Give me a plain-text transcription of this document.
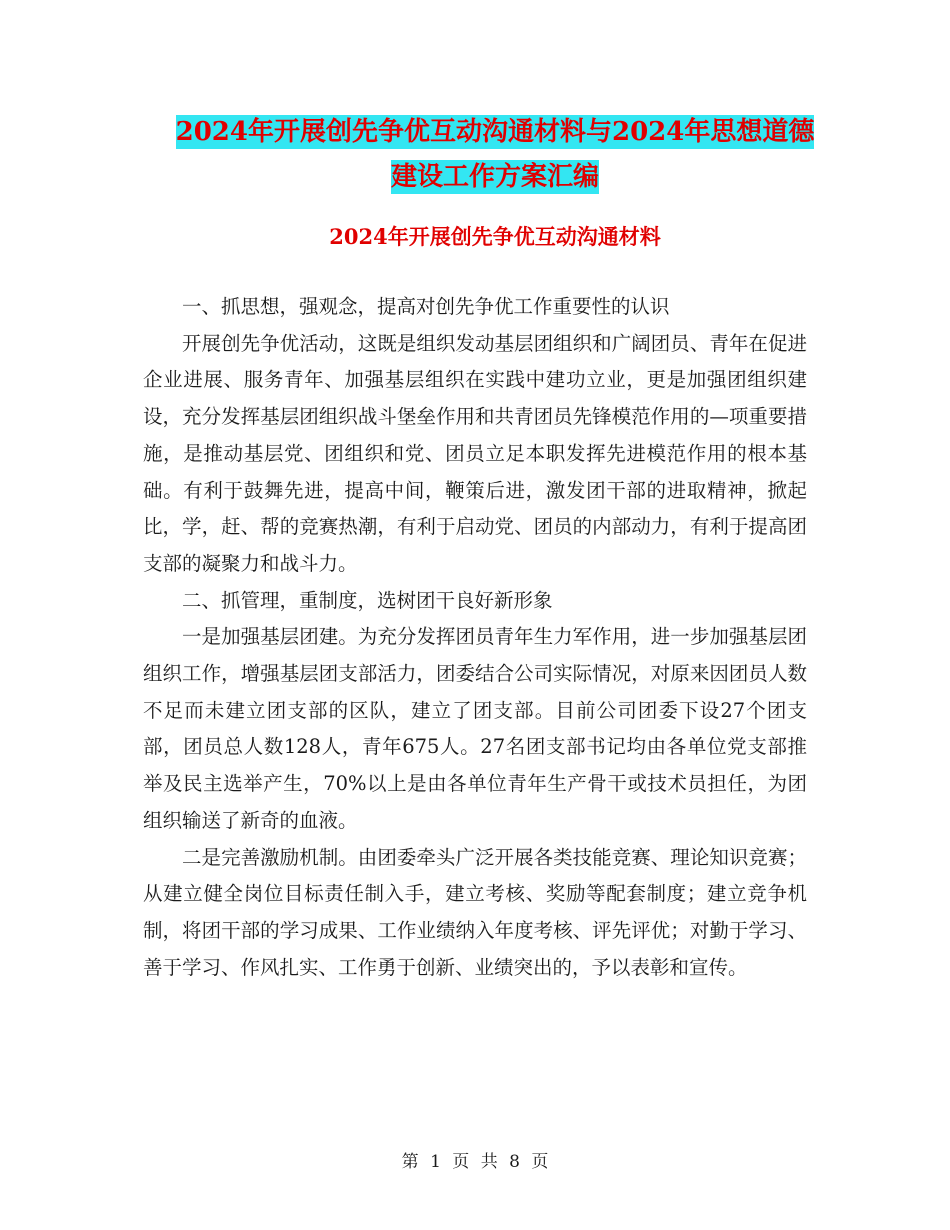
2024年开展创先争优互动沟通材料与2024年思想道德
建设工作方案汇编
2024年开展创先争优互动沟通材料

一、抓思想，强观念，提高对创先争优工作重要性的认识

开展创先争优活动，这既是组织发动基层团组织和广阔团员、青年在促进企业进展、服务青年、加强基层组织在实践中建功立业，更是加强团组织建设，充分发挥基层团组织战斗堡垒作用和共青团员先锋模范作用的—项重要措施，是推动基层党、团组织和党、团员立足本职发挥先进模范作用的根本基础。有利于鼓舞先进，提高中间，鞭策后进，激发团干部的进取精神，掀起比，学，赶、帮的竞赛热潮，有利于启动党、团员的内部动力，有利于提高团支部的凝聚力和战斗力。

二、抓管理，重制度，选树团干良好新形象

一是加强基层团建。为充分发挥团员青年生力军作用，进一步加强基层团组织工作，增强基层团支部活力，团委结合公司实际情况，对原来因团员人数不足而未建立团支部的区队，建立了团支部。目前公司团委下设27个团支部，团员总人数128人，青年675人。27名团支部书记均由各单位党支部推举及民主选举产生，70%以上是由各单位青年生产骨干或技术员担任，为团组织输送了新奇的血液。

二是完善激励机制。由团委牵头广泛开展各类技能竞赛、理论知识竞赛；从建立健全岗位目标责任制入手，建立考核、奖励等配套制度；建立竞争机制，将团干部的学习成果、工作业绩纳入年度考核、评先评优；对勤于学习、善于学习、作风扎实、工作勇于创新、业绩突出的，予以表彰和宣传。

第 1 页 共 8 页
